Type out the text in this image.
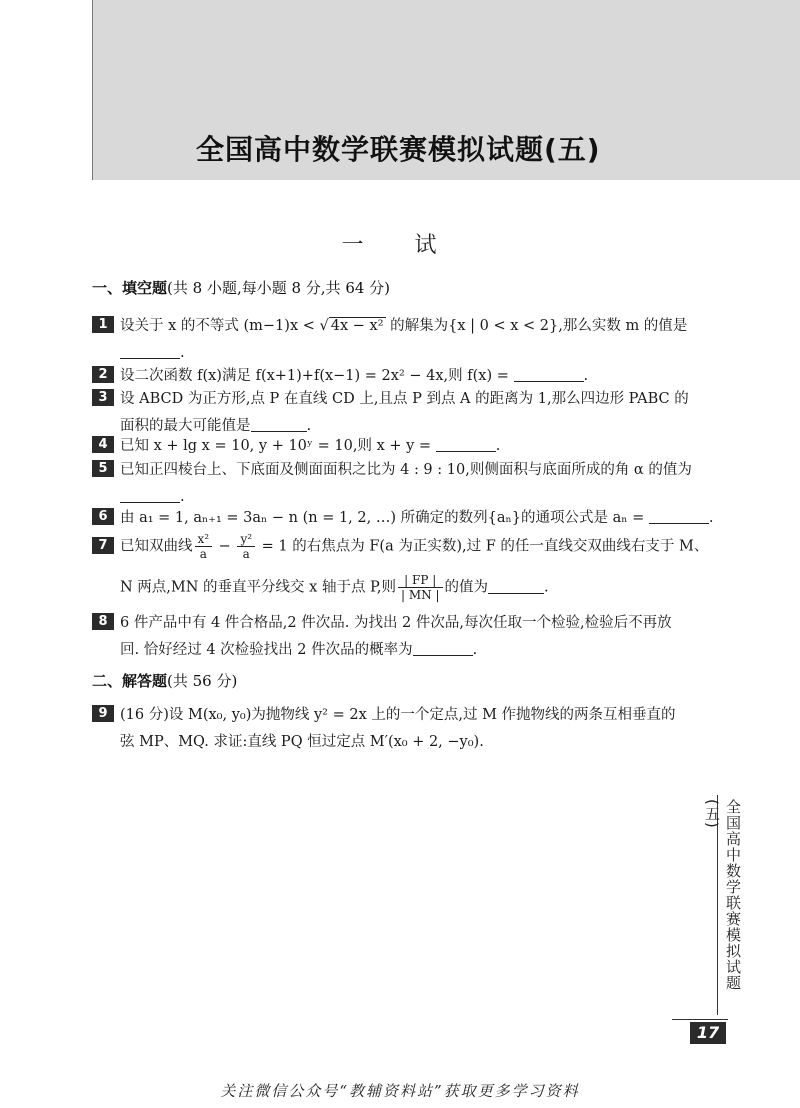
全国高中数学联赛模拟试题(五)
一 试
一、填空题(共 8 小题,每小题 8 分,共 64 分)
1 设关于 x 的不等式 (m−1)x < √ 4x − x² 的解集为{x | 0 < x < 2},那么实数 m 的值是
.
2 设二次函数 f(x)满足 f(x+1)+f(x−1) = 2x² − 4x,则 f(x) =	.
3 设 ABCD 为正方形,点 P 在直线 CD 上,且点 P 到点 A 的距离为 1,那么四边形 PABC 的
面积的最大可能值是	.
4 已知 x + lg x = 10, y + 10ʸ = 10,则 x + y =	.
5 已知正四棱台上、下底面及侧面面积之比为 4 : 9 : 10,则侧面积与底面所成的角 α 的值为
.
6 由 a₁ = 1, aₙ₊₁ = 3aₙ − n (n = 1, 2, …) 所确定的数列{aₙ}的通项公式是 aₙ =	.
7 已知双曲线 $\frac{\text{x²}}{a} - \frac{\text{y²}}{a} = 1$ 的右焦点为 F(a 为正实数),过 F 的任一直线交双曲线右支于 M、
N 两点,MN 的垂直平分线交 x 轴于点 P,则 $\frac{| FP |}{| MN |}$ 的值为	.
8 6 件产品中有 4 件合格品,2 件次品. 为找出 2 件次品,每次任取一个检验,检验后不再放
回. 恰好经过 4 次检验找出 2 件次品的概率为	.
二、解答题(共 56 分)
9 (16 分)设 M(x₀, y₀)为抛物线 y² = 2x 上的一个定点,过 M 作抛物线的两条互相垂直的
弦 MP、MQ. 求证:直线 PQ 恒过定点 M′(x₀ + 2, −y₀).
全国高中数学联赛模拟试题(五)
17
关注微信公众号“教辅资料站”获取更多学习资料
